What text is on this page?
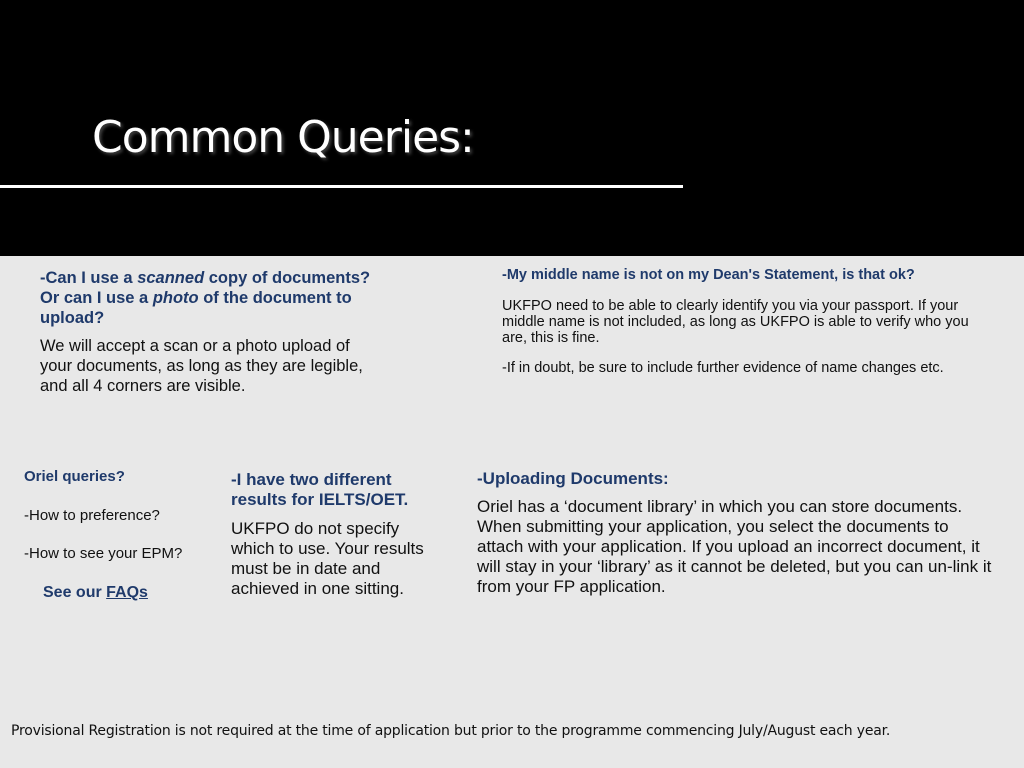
Common Queries:

-Can I use a scanned copy of documents? Or can I use a photo of the document to upload?

We will accept a scan or a photo upload of your documents, as long as they are legible, and all 4 corners are visible.

-My middle name is not on my Dean's Statement, is that ok?

UKFPO need to be able to clearly identify you via your passport. If your middle name is not included, as long as UKFPO is able to verify who you are, this is fine.

-If in doubt, be sure to include further evidence of name changes etc.

Oriel queries?

-How to preference?

-How to see your EPM?

See our FAQs

-I have two different results for IELTS/OET.

UKFPO do not specify which to use. Your results must be in date and achieved in one sitting.

-Uploading Documents:

Oriel has a ‘document library’ in which you can store documents. When submitting your application, you select the documents to attach with your application. If you upload an incorrect document, it will stay in your ‘library’ as it cannot be deleted, but you can un-link it from your FP application.

Provisional Registration is not required at the time of application but prior to the programme commencing July/August each year.
